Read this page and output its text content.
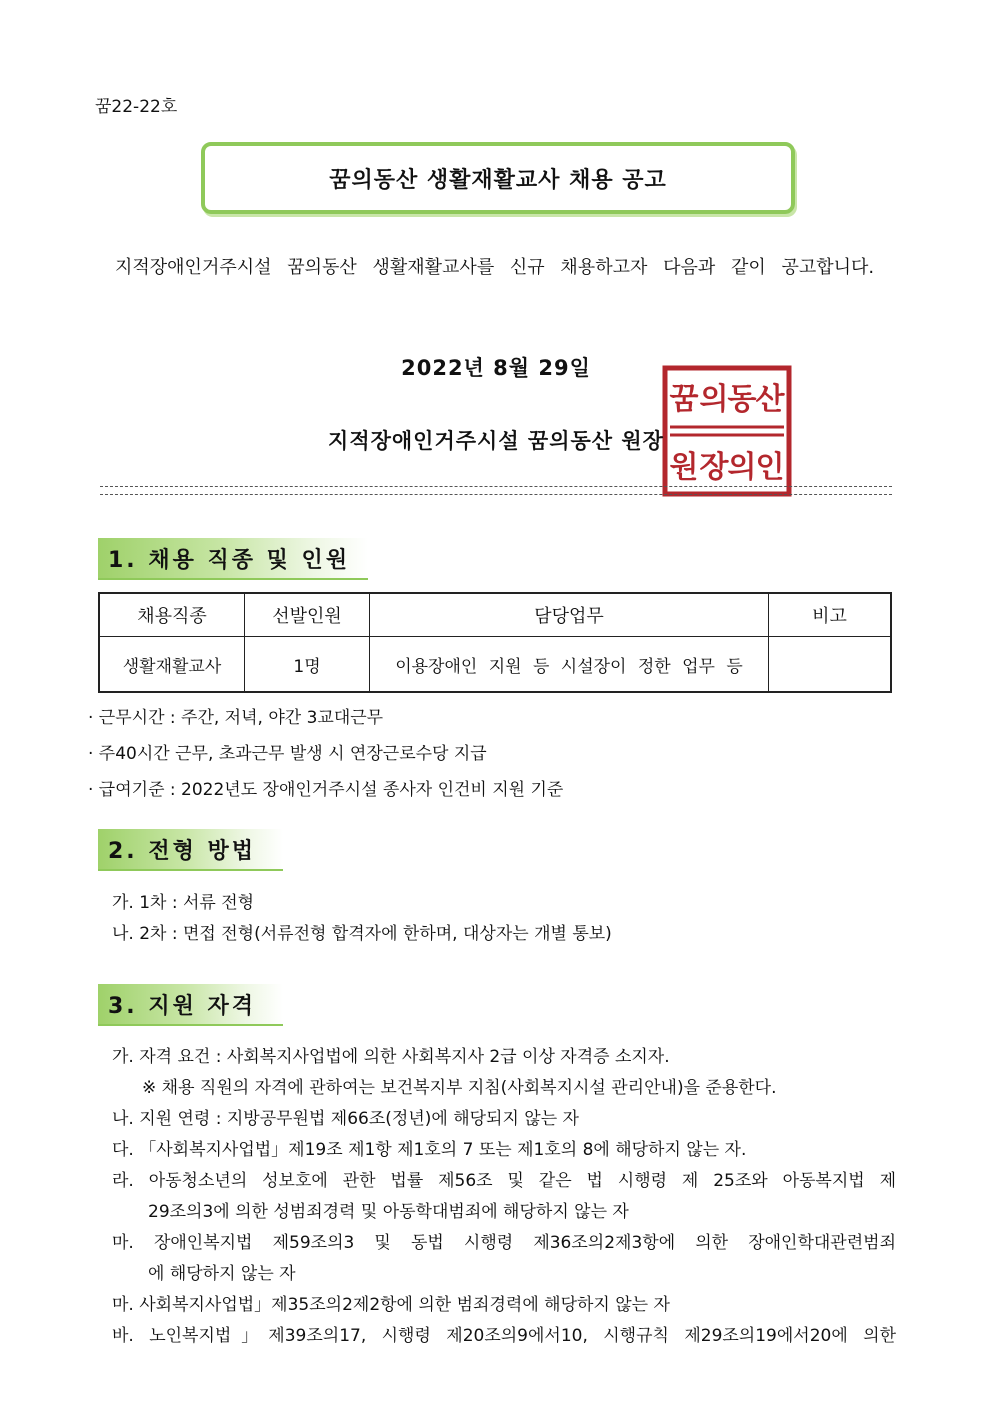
꿈22-22호
꿈의동산 생활재활교사 채용 공고
지적장애인거주시설 꿈의동산 생활재활교사를 신규 채용하고자 다음과 같이 공고합니다.
2022년 8월 29일
꿈 의 동 산
원 장 의 인
지적장애인거주시설 꿈의동산 원장
1. 채용 직종 및 인원
채용직종	선발인원	담당업무	비고
생활재활교사	1명	이용장애인 지원 등 시설장이 정한 업무 등	
· 근무시간 : 주간, 저녁, 야간 3교대근무
· 주40시간 근무, 초과근무 발생 시 연장근로수당 지급
· 급여기준 : 2022년도 장애인거주시설 종사자 인건비 지원 기준
2. 전형 방법
가. 1차 : 서류 전형
나. 2차 : 면접 전형(서류전형 합격자에 한하며, 대상자는 개별 통보)
3. 지원 자격
가. 자격 요건 : 사회복지사업법에 의한 사회복지사 2급 이상 자격증 소지자.
※ 채용 직원의 자격에 관하여는 보건복지부 지침(사회복지시설 관리안내)을 준용한다.
나. 지원 연령 : 지방공무원법 제66조(정년)에 해당되지 않는 자
다. 「사회복지사업법」제19조 제1항 제1호의 7 또는 제1호의 8에 해당하지 않는 자.
라. 아동청소년의 성보호에 관한 법률 제56조 및 같은 법 시행령 제 25조와 아동복지법 제
29조의3에 의한 성범죄경력 및 아동학대범죄에 해당하지 않는 자
마. 장애인복지법 제59조의3 및 동법 시행령 제36조의2제3항에 의한 장애인학대관련범죄
에 해당하지 않는 자
마. 사회복지사업법」제35조의2제2항에 의한 범죄경력에 해당하지 않는 자
바. 노인복지법」제39조의17, 시행령 제20조의9에서10, 시행규칙 제29조의19에서20에 의한
